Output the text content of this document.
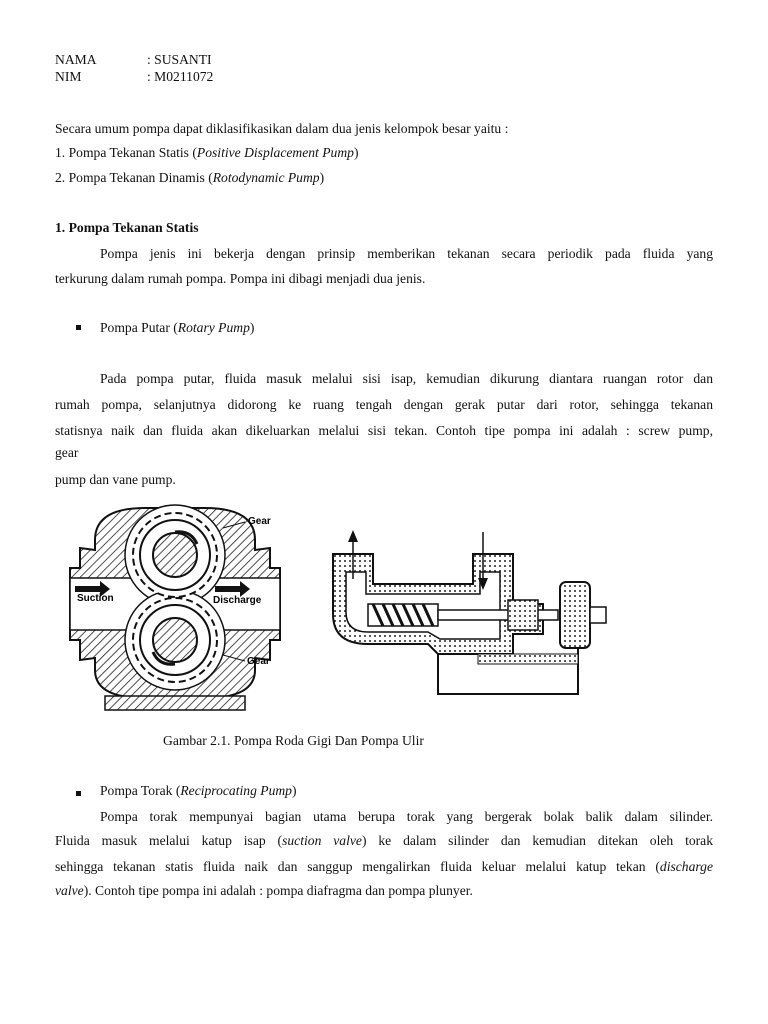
NAMA	: SUSANTI
NIM	: M0211072
Secara umum pompa dapat diklasifikasikan dalam dua jenis kelompok besar yaitu :
1. Pompa Tekanan Statis (Positive Displacement Pump)
2. Pompa Tekanan Dinamis (Rotodynamic Pump)
1. Pompa Tekanan Statis
Pompa jenis ini bekerja dengan prinsip memberikan tekanan secara periodik pada fluida yang
terkurung dalam rumah pompa. Pompa ini dibagi menjadi dua jenis.
Pompa Putar (Rotary Pump)
Pada pompa putar, fluida masuk melalui sisi isap, kemudian dikurung diantara ruangan rotor dan
rumah pompa, selanjutnya didorong ke ruang tengah dengan gerak putar dari rotor, sehingga tekanan
statisnya naik dan fluida akan dikeluarkan melalui sisi tekan. Contoh tipe pompa ini adalah : screw pump,
gear
pump dan vane pump.
Gear
Suction	Discharge
Gear
Gambar 2.1. Pompa Roda Gigi Dan Pompa Ulir
Pompa Torak (Reciprocating Pump)
Pompa torak mempunyai bagian utama berupa torak yang bergerak bolak balik dalam silinder.
Fluida masuk melalui katup isap (suction valve) ke dalam silinder dan kemudian ditekan oleh torak
sehingga tekanan statis fluida naik dan sanggup mengalirkan fluida keluar melalui katup tekan (discharge
valve). Contoh tipe pompa ini adalah : pompa diafragma dan pompa plunyer.
